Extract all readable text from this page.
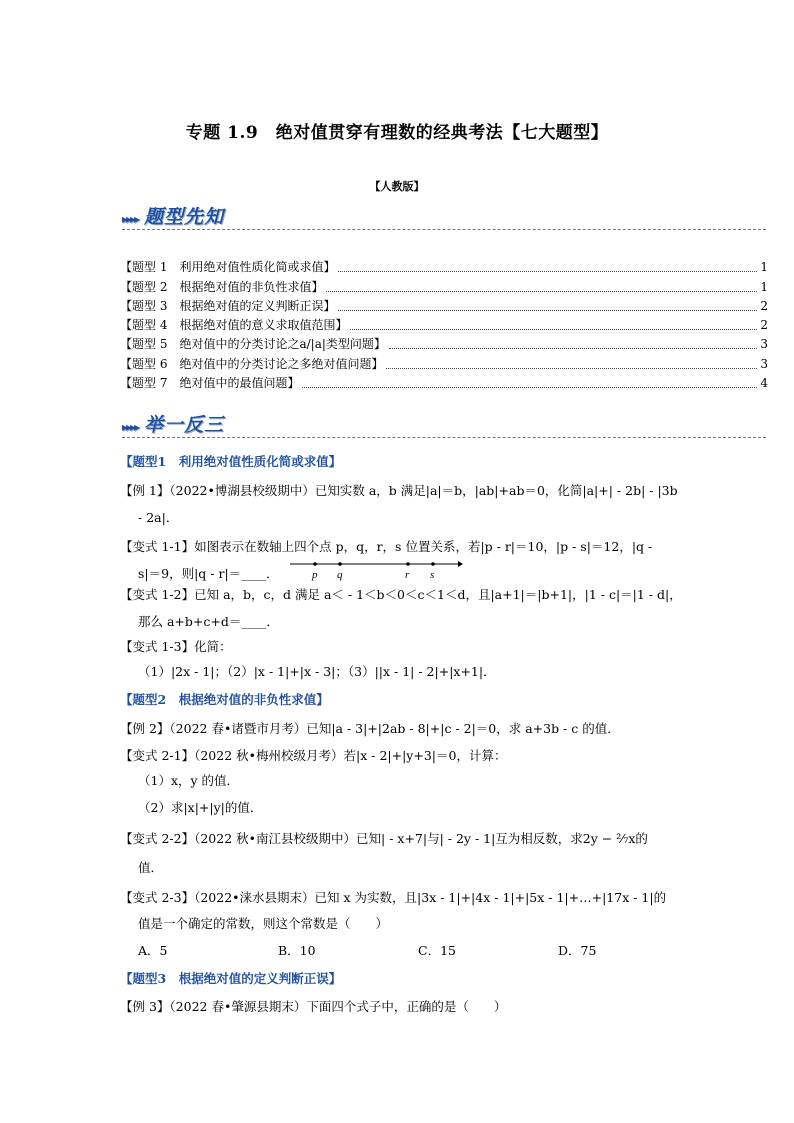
专题 1.9　绝对值贯穿有理数的经典考法【七大题型】
【人教版】
▸▸▸▸ 题型先知
【题型 1　利用绝对值性质化简或求值】	1
【题型 2　根据绝对值的非负性求值】	1
【题型 3　根据绝对值的定义判断正误】	2
【题型 4　根据绝对值的意义求取值范围】	2
【题型 5　绝对值中的分类讨论之a/|a|类型问题】	3
【题型 6　绝对值中的分类讨论之多绝对值问题】	3
【题型 7　绝对值中的最值问题】	4
▸▸▸▸ 举一反三
【题型1　利用绝对值性质化简或求值】
【例 1】（2022•博湖县校级期中）已知实数 a，b 满足|a|＝b，|ab|+ab＝0，化简|a|+| - 2b| - |3b
- 2a|．
【变式 1-1】如图表示在数轴上四个点 p，q，r，s 位置关系，若|p - r|＝10，|p - s|＝12，|q -
s|＝9，则|q - r|＝____．
【变式 1-2】已知 a，b，c，d 满足 a＜ - 1＜b＜0＜c＜1＜d，且|a+1|＝|b+1|，|1 - c|＝|1 - d|，
那么 a+b+c+d＝____．
【变式 1-3】化简：
（1）|2x - 1|；（2）|x - 1|+|x - 3|；（3）||x - 1| - 2|+|x+1|．
【题型2　根据绝对值的非负性求值】
【例 2】（2022 春•诸暨市月考）已知|a - 3|+|2ab - 8|+|c - 2|＝0，求 a+3b - c 的值．
【变式 2-1】（2022 秋•梅州校级月考）若|x - 2|+|y+3|＝0，计算：
（1）x，y 的值．
（2）求|x|+|y|的值．
【变式 2-2】（2022 秋•南江县校级期中）已知| - x+7|与| - 2y - 1|互为相反数，求2y − ²⁄₇x的
值．
【变式 2-3】（2022•涞水县期末）已知 x 为实数，且|3x - 1|+|4x - 1|+|5x - 1|+…+|17x - 1|的
值是一个确定的常数，则这个常数是（　　）
A．5	B．10	C．15	D．75
【题型3　根据绝对值的定义判断正误】
【例 3】（2022 春•肇源县期末）下面四个式子中，正确的是（　　）
p q	r s
